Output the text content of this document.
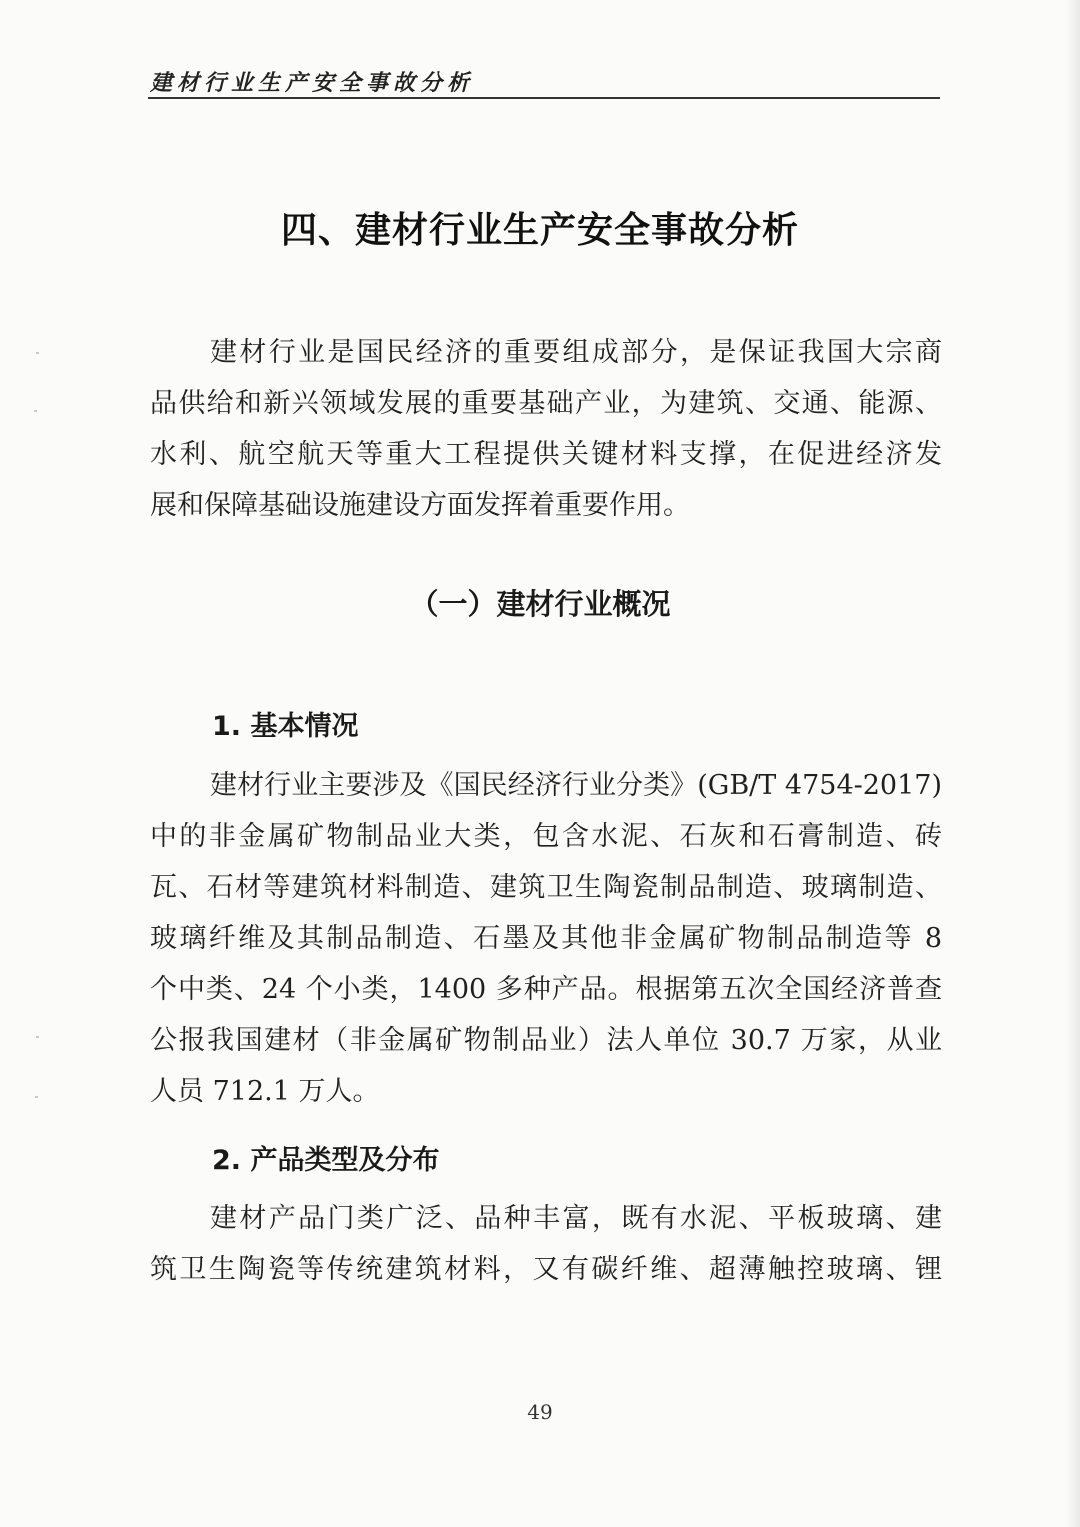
建材行业生产安全事故分析
四、建材行业生产安全事故分析

建材行业是国民经济的重要组成部分，是保证我国大宗商
品供给和新兴领域发展的重要基础产业，为建筑、交通、能源、
水利、航空航天等重大工程提供关键材料支撑，在促进经济发
展和保障基础设施建设方面发挥着重要作用。

（一）建材行业概况
1. 基本情况

建材行业主要涉及《国民经济行业分类》(GB/T 4754-2017)
中的非金属矿物制品业大类，包含水泥、石灰和石膏制造、砖
瓦、石材等建筑材料制造、建筑卫生陶瓷制品制造、玻璃制造、
玻璃纤维及其制品制造、石墨及其他非金属矿物制品制造等 8
个中类、24 个小类，1400 多种产品。根据第五次全国经济普查
公报我国建材（非金属矿物制品业）法人单位 30.7 万家，从业
人员 712.1 万人。

2. 产品类型及分布

建材产品门类广泛、品种丰富，既有水泥、平板玻璃、建
筑卫生陶瓷等传统建筑材料，又有碳纤维、超薄触控玻璃、锂

49
